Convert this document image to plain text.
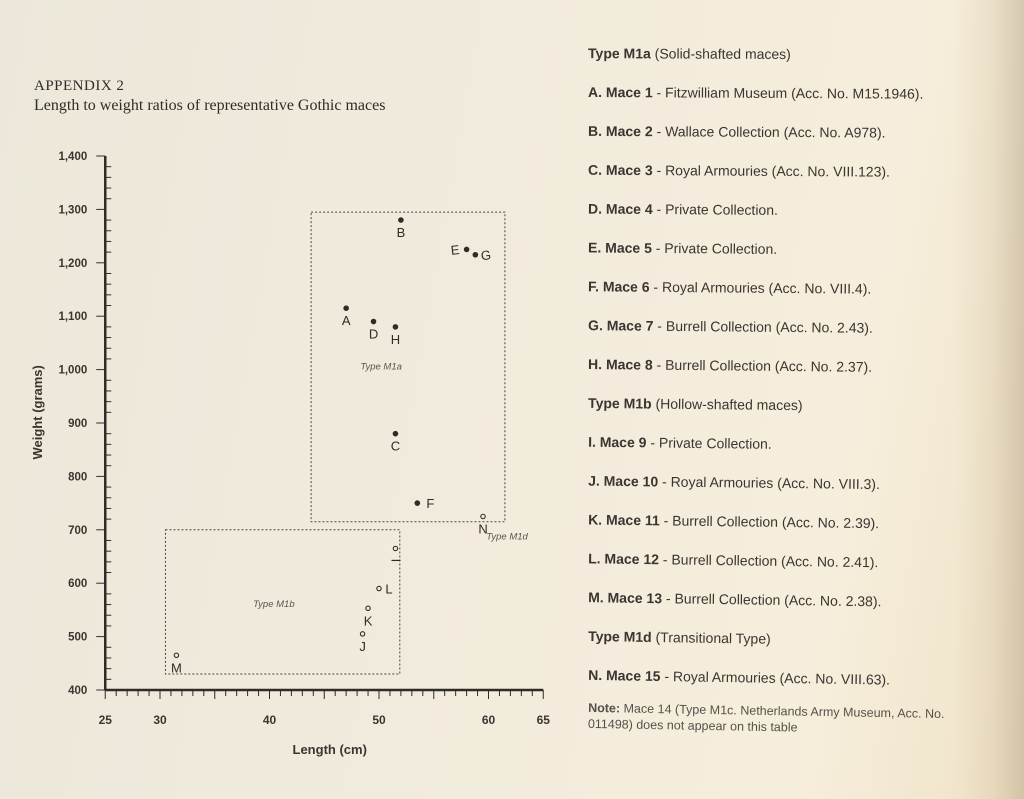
APPENDIX 2
Length to weight ratios of representative Gothic maces
400
500
600
700
800
900
1,000
1,100
1,200
1,300
1,400
25	30	40	50	60	65
Length (cm)
Weight (grams)	Type M1a
Type M1b
Type M1d
A
B
C
D
E
F
G
H
I
J
K
L
M
N
Type M1a (Solid-shafted maces)
A. Mace 1 - Fitzwilliam Museum (Acc. No. M15.1946).
B. Mace 2 - Wallace Collection (Acc. No. A978).
C. Mace 3 - Royal Armouries (Acc. No. VIII.123).
D. Mace 4 - Private Collection.
E. Mace 5 - Private Collection.
F. Mace 6 - Royal Armouries (Acc. No. VIII.4).
G. Mace 7 - Burrell Collection (Acc. No. 2.43).
H. Mace 8 - Burrell Collection (Acc. No. 2.37).
Type M1b (Hollow-shafted maces)
I. Mace 9 - Private Collection.
J. Mace 10 - Royal Armouries (Acc. No. VIII.3).
K. Mace 11 - Burrell Collection (Acc. No. 2.39).
L. Mace 12 - Burrell Collection (Acc. No. 2.41).
M. Mace 13 - Burrell Collection (Acc. No. 2.38).
Type M1d (Transitional Type)
N. Mace 15 - Royal Armouries (Acc. No. VIII.63).
Note: Mace 14 (Type M1c. Netherlands Army Museum, Acc. No. 011498) does not appear on this table
